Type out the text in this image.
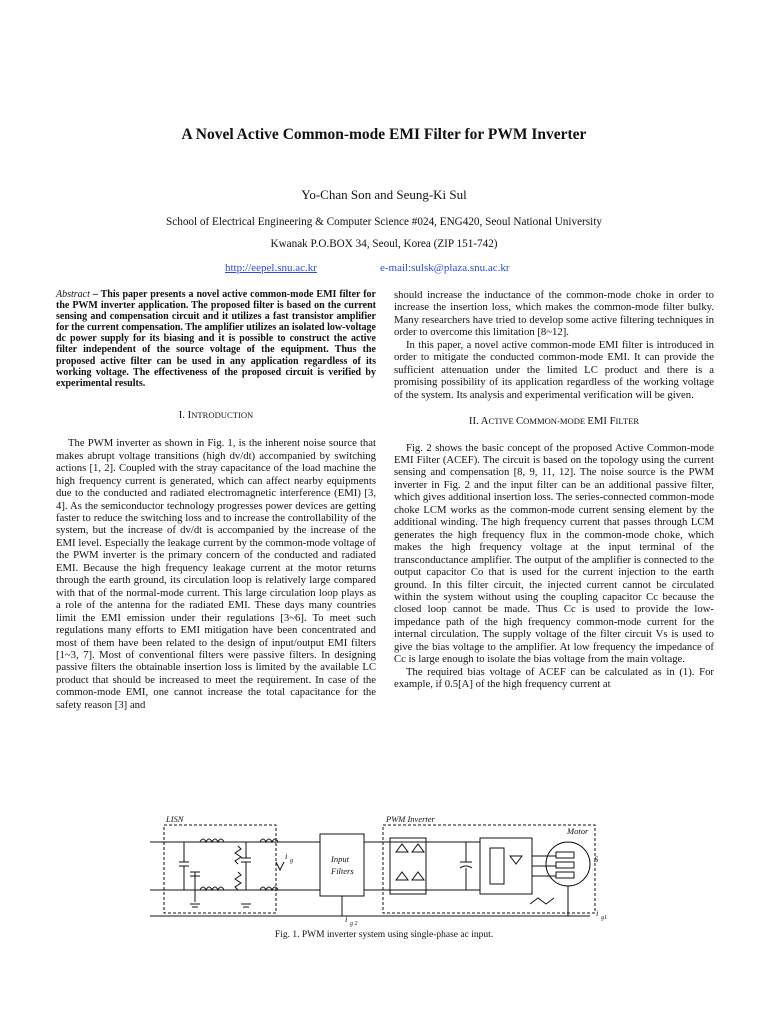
A Novel Active Common-mode EMI Filter for PWM Inverter
Yo-Chan Son and Seung-Ki Sul
School of Electrical Engineering & Computer Science #024, ENG420, Seoul National University
Kwanak P.O.BOX 34, Seoul, Korea (ZIP 151-742)
http://eepel.snu.ac.kr	e-mail:sulsk@plaza.snu.ac.kr
Abstract – This paper presents a novel active common-mode EMI filter for the PWM inverter application. The proposed filter is based on the current sensing and compensation circuit and it utilizes a fast transistor amplifier for the current compensation. The amplifier utilizes an isolated low-voltage dc power supply for its biasing and it is possible to construct the active filter independent of the source voltage of the equipment. Thus the proposed active filter can be used in any application regardless of its working voltage. The effectiveness of the proposed circuit is verified by experimental results.
I. INTRODUCTION

The PWM inverter as shown in Fig. 1, is the inherent noise source that makes abrupt voltage transitions (high dv/dt) accompanied by switching actions [1, 2]. Coupled with the stray capacitance of the load machine the high frequency current is generated, which can affect nearby equipments due to the conducted and radiated electromagnetic interference (EMI) [3, 4]. As the semiconductor technology progresses power devices are getting faster to reduce the switching loss and to increase the controllability of the system, but the increase of dv/dt is accompanied by the increase of the EMI level. Especially the leakage current by the common-mode voltage of the PWM inverter is the primary concern of the conducted and radiated EMI. Because the high frequency leakage current at the motor returns through the earth ground, its circulation loop is relatively large compared with that of the normal-mode current. This large circulation loop plays as a role of the antenna for the radiated EMI. These days many countries limit the EMI emission under their regulations [3~6]. To meet such regulations many efforts to EMI mitigation have been concentrated and most of them have been related to the design of input/output EMI filters [1~3, 7]. Most of conventional filters were passive filters. In designing passive filters the obtainable insertion loss is limited by the available LC product that should be increased to meet the requirement. In case of the common-mode EMI, one cannot increase the total capacitance for the safety reason [3] and

should increase the inductance of the common-mode choke in order to increase the insertion loss, which makes the common-mode filter bulky. Many researchers have tried to develop some active filtering techniques in order to overcome this limitation [8~12].

In this paper, a novel active common-mode EMI filter is introduced in order to mitigate the conducted common-mode EMI. It can provide the sufficient attenuation under the limited LC product and there is a promising possibility of its application regardless of the working voltage of the system. Its analysis and experimental verification will be given.

II. ACTIVE COMMON-MODE EMI FILTER

Fig. 2 shows the basic concept of the proposed Active Common-mode EMI Filter (ACEF). The circuit is based on the topology using the current sensing and compensation [8, 9, 11, 12]. The noise source is the PWM inverter in Fig. 2 and the input filter can be an additional passive filter, which gives additional insertion loss. The series-connected common-mode choke LCM works as the common-mode current sensing element by the additional winding. The high frequency current that passes through LCM generates the high frequency flux in the common-mode choke, which makes the high frequency voltage at the input terminal of the transconductance amplifier. The output of the amplifier is connected to the output capacitor Co that is used for the current injection to the earth ground. In this filter circuit, the injected current cannot be circulated within the system without using the coupling capacitor Cc because the closed loop cannot be made. Thus Cc is used to provide the low-impedance path of the high frequency common-mode current for the internal circulation. The supply voltage of the filter circuit Vs is used to give the bias voltage to the amplifier. At low frequency the impedance of Cc is large enough to isolate the bias voltage from the main voltage.

The required bias voltage of ACEF can be calculated as in (1). For example, if 0.5[A] of the high frequency current at

LISN	PWM Inverter
Motor
Input
Filters
i g
i g 2
i g1
S
Fig. 1. PWM inverter system using single-phase ac input.
